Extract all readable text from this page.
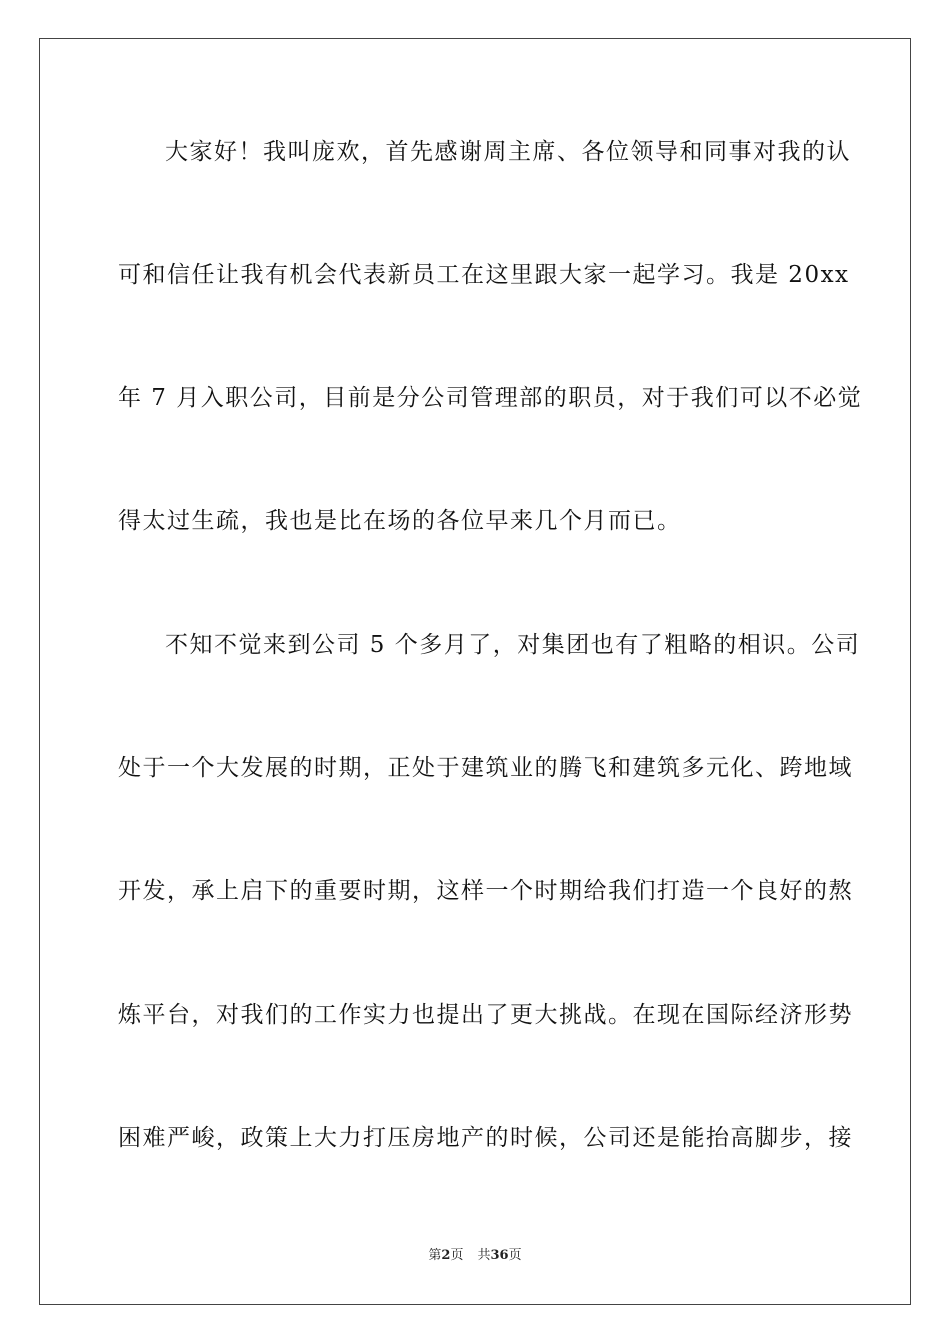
大家好！我叫庞欢，首先感谢周主席、各位领导和同事对我的认
可和信任让我有机会代表新员工在这里跟大家一起学习。我是 20xx
年 7 月入职公司，目前是分公司管理部的职员，对于我们可以不必觉
得太过生疏，我也是比在场的各位早来几个月而已。
不知不觉来到公司 5 个多月了，对集团也有了粗略的相识。公司
处于一个大发展的时期，正处于建筑业的腾飞和建筑多元化、跨地域
开发，承上启下的重要时期，这样一个时期给我们打造一个良好的熬
炼平台，对我们的工作实力也提出了更大挑战。在现在国际经济形势
困难严峻，政策上大力打压房地产的时候，公司还是能抬高脚步，接
第2页 共36页
